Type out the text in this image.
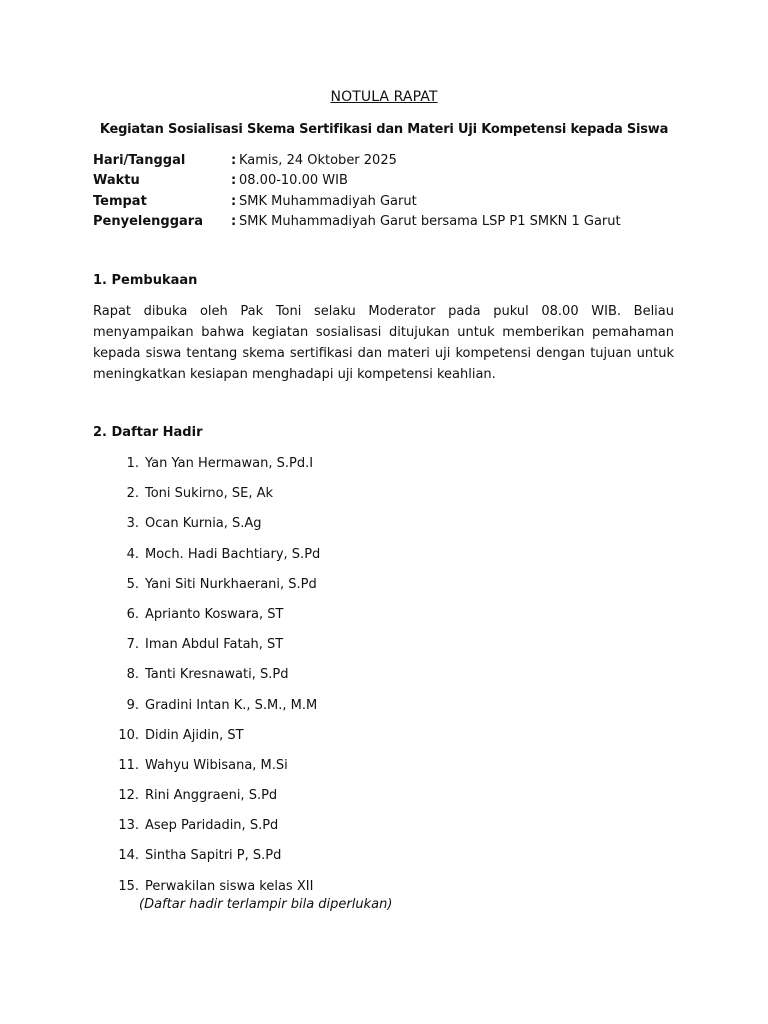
NOTULA RAPAT
Kegiatan Sosialisasi Skema Sertifikasi dan Materi Uji Kompetensi kepada Siswa
Hari/Tanggal	: Kamis, 24 Oktober 2025
Waktu	: 08.00-10.00 WIB
Tempat	: SMK Muhammadiyah Garut
Penyelenggara	: SMK Muhammadiyah Garut bersama LSP P1 SMKN 1 Garut
1. Pembukaan
Rapat dibuka oleh Pak Toni selaku Moderator pada pukul 08.00 WIB. Beliau menyampaikan bahwa kegiatan sosialisasi ditujukan untuk memberikan pemahaman kepada siswa tentang skema sertifikasi dan materi uji kompetensi dengan tujuan untuk meningkatkan kesiapan menghadapi uji kompetensi keahlian.
2. Daftar Hadir
1. Yan Yan Hermawan, S.Pd.I
2. Toni Sukirno, SE, Ak
3. Ocan Kurnia, S.Ag
4. Moch. Hadi Bachtiary, S.Pd
5. Yani Siti Nurkhaerani, S.Pd
6. Aprianto Koswara, ST
7. Iman Abdul Fatah, ST
8. Tanti Kresnawati, S.Pd
9. Gradini Intan K., S.M., M.M
10. Didin Ajidin, ST
11. Wahyu Wibisana, M.Si
12. Rini Anggraeni, S.Pd
13. Asep Paridadin, S.Pd
14. Sintha Sapitri P, S.Pd
15. Perwakilan siswa kelas XII
(Daftar hadir terlampir bila diperlukan)
